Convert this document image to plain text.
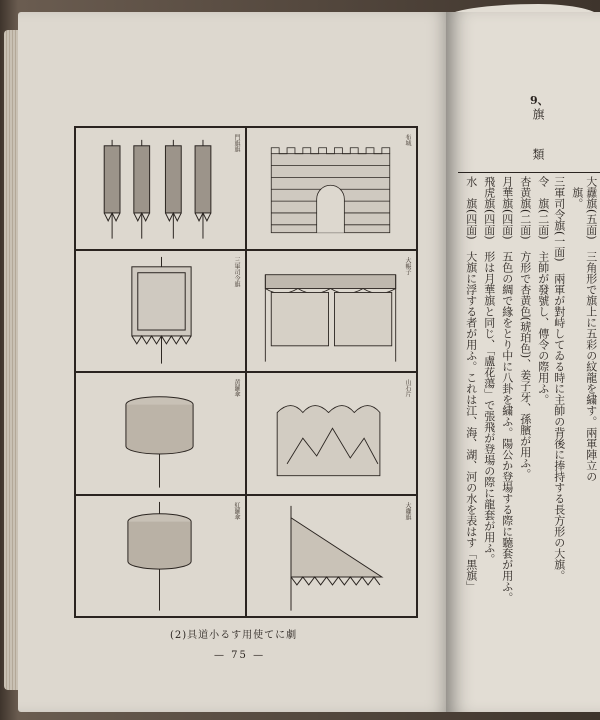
門旗旗	布城
三軍司令旗	大帳子
黄羅傘	山石片
紅羅傘	大纛旗
(2)具道小るす用使てに劇
— 75 —
9、
旗　類
大纛旗(五面)　三角形で旗上に五彩の紋龍を繍す。兩軍陣立の
　旗。
三軍司令旗(一面)　兩軍が對峙してゐる時に主帥の背後に捧持する長方形の大旗。
令　旗(二面)　主帥が發號し、傳令の際用ふ。
杏黄旗(二面)　方形で杏黄色(琥珀色)、姜子牙、孫臏が用ふ。
月華旗(四面)　五色の綢で緣をとり中に八卦を繍ふ。陽公か登場する際に聽套が用ふ。
飛虎旗(四面)　形は月華旗と同じ、「盧花蕩」で張飛が登場の際に龍套が用ふ。
水　旗(四面)　大旗に浮する者が用ふ。これは江、海、湖、河の水を表はす「黒旗」
